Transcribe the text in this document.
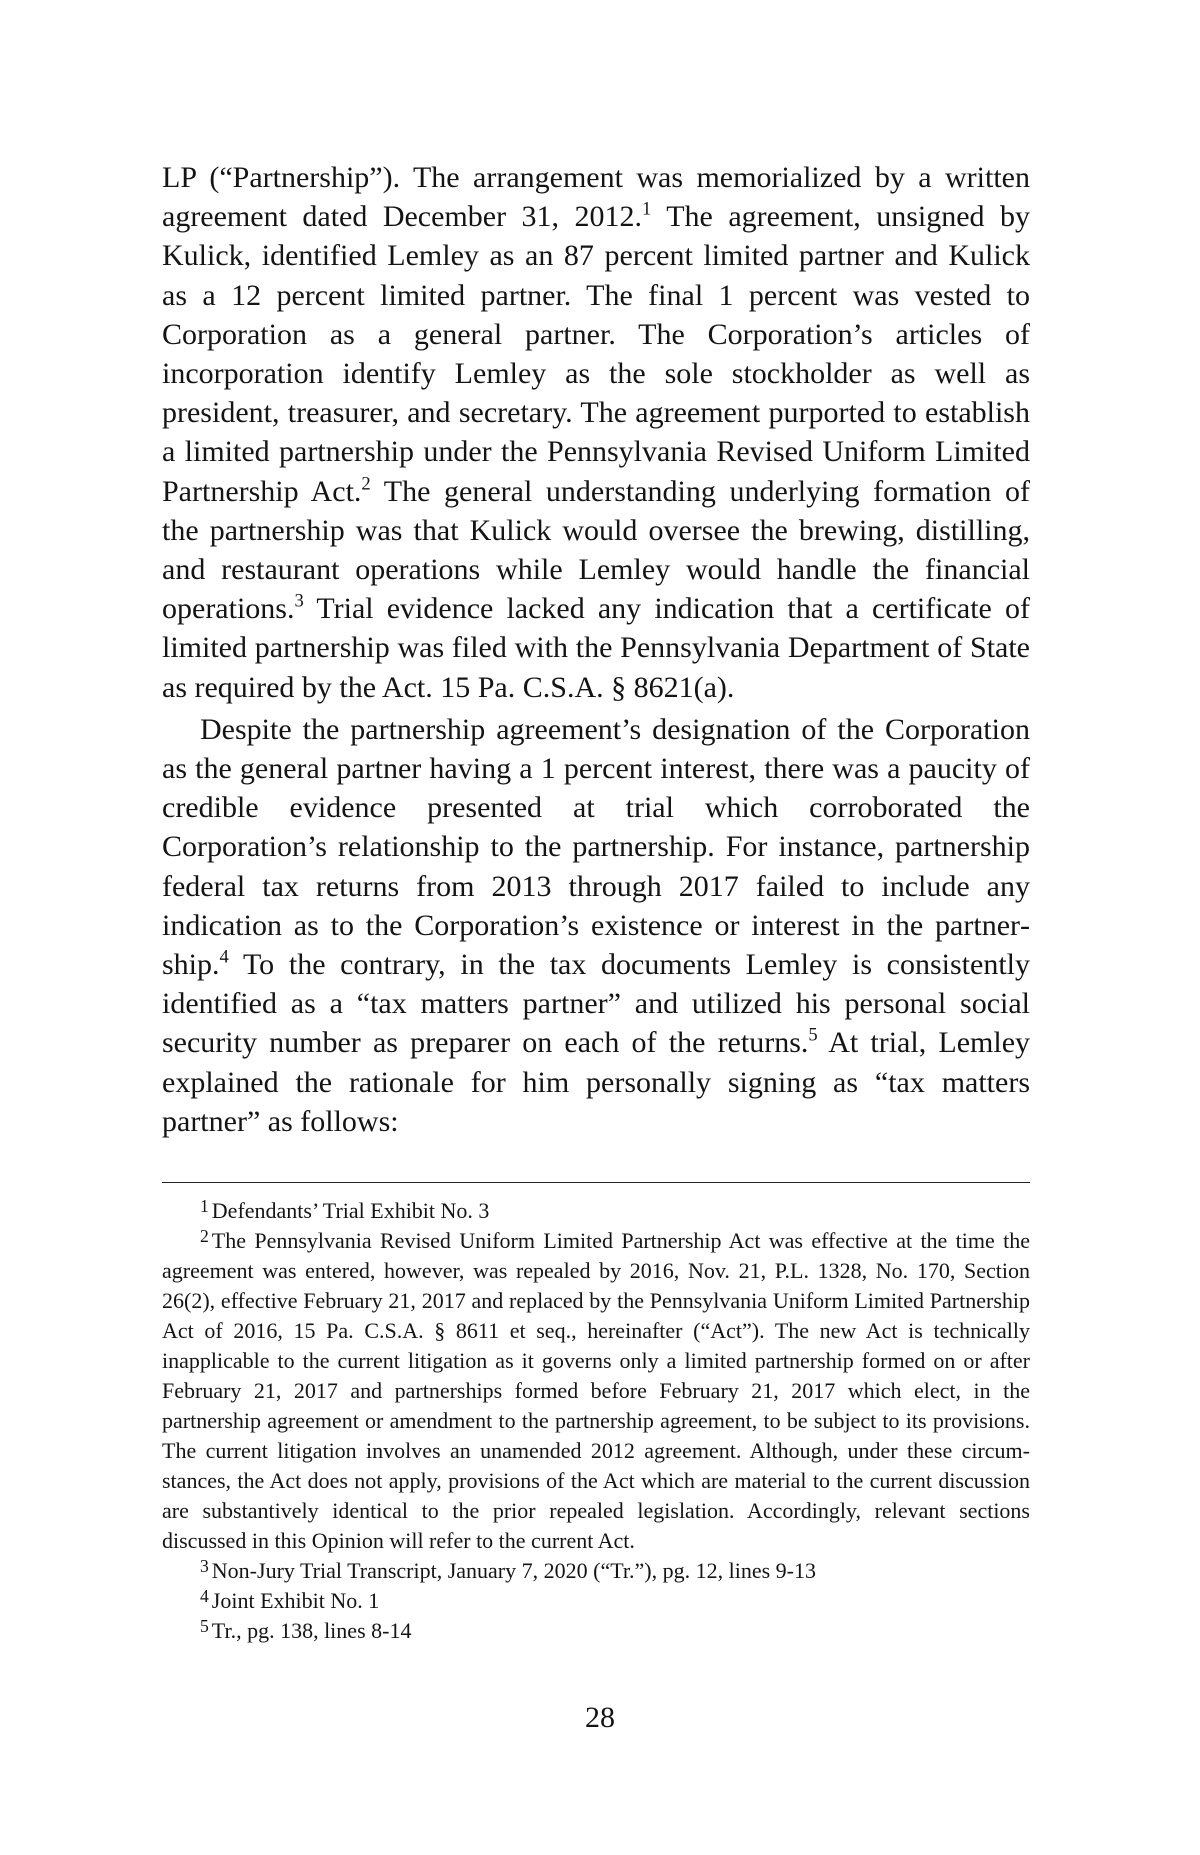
LP (“Partnership”). The arrangement was memorialized by a written agreement dated December 31, 2012.$^1$ The agreement, unsigned by Kulick, identified Lemley as an 87 percent limited partner and Kulick as a 12 percent limited partner. The final 1 percent was vested to Corporation as a general partner. The Corporation’s articles of incorporation identify Lemley as the sole stockholder as well as president, treasurer, and secretary. The agreement purported to establish a limited partnership under the Pennsylvania Revised Uniform Limited Partnership Act.$^2$ The general understanding underlying formation of the partnership was that Kulick would oversee the brewing, distilling, and restaurant operations while Lemley would handle the financial operations.$^3$ Trial evidence lacked any indication that a certificate of limited partnership was filed with the Pennsylvania Department of State as required by the Act. 15 Pa. C.S.A. § 8621(a).

Despite the partnership agreement’s designation of the Corporation as the general partner having a 1 percent interest, there was a paucity of credible evidence presented at trial which corroborated the Corporation’s relationship to the partnership. For instance, partnership federal tax returns from 2013 through 2017 failed to include any indication as to the Corporation’s existence or interest in the partnership.$^4$ To the contrary, in the tax documents Lemley is consistently identified as a “tax matters partner” and utilized his personal social security number as preparer on each of the returns.$^5$ At trial, Lemley explained the rationale for him personally signing as “tax matters partner” as follows:

$^1$ Defendants’ Trial Exhibit No. 3

$^2$ The Pennsylvania Revised Uniform Limited Partnership Act was effective at the time the agreement was entered, however, was repealed by 2016, Nov. 21, P.L. 1328, No. 170, Section 26(2), effective February 21, 2017 and replaced by the Pennsylvania Uniform Limited Partnership Act of 2016, 15 Pa. C.S.A. § 8611 et seq., hereinafter (“Act”). The new Act is technically inapplicable to the current litigation as it governs only a limited partnership formed on or after February 21, 2017 and partnerships formed before February 21, 2017 which elect, in the partnership agreement or amendment to the partnership agreement, to be subject to its provisions. The current litigation involves an unamended 2012 agreement. Although, under these circumstances, the Act does not apply, provisions of the Act which are material to the current discussion are substantively identical to the prior repealed legislation. Accordingly, relevant sections discussed in this Opinion will refer to the current Act.

$^3$ Non-Jury Trial Transcript, January 7, 2020 (“Tr.”), pg. 12, lines 9-13

$^4$ Joint Exhibit No. 1

$^5$ Tr., pg. 138, lines 8-14

28
